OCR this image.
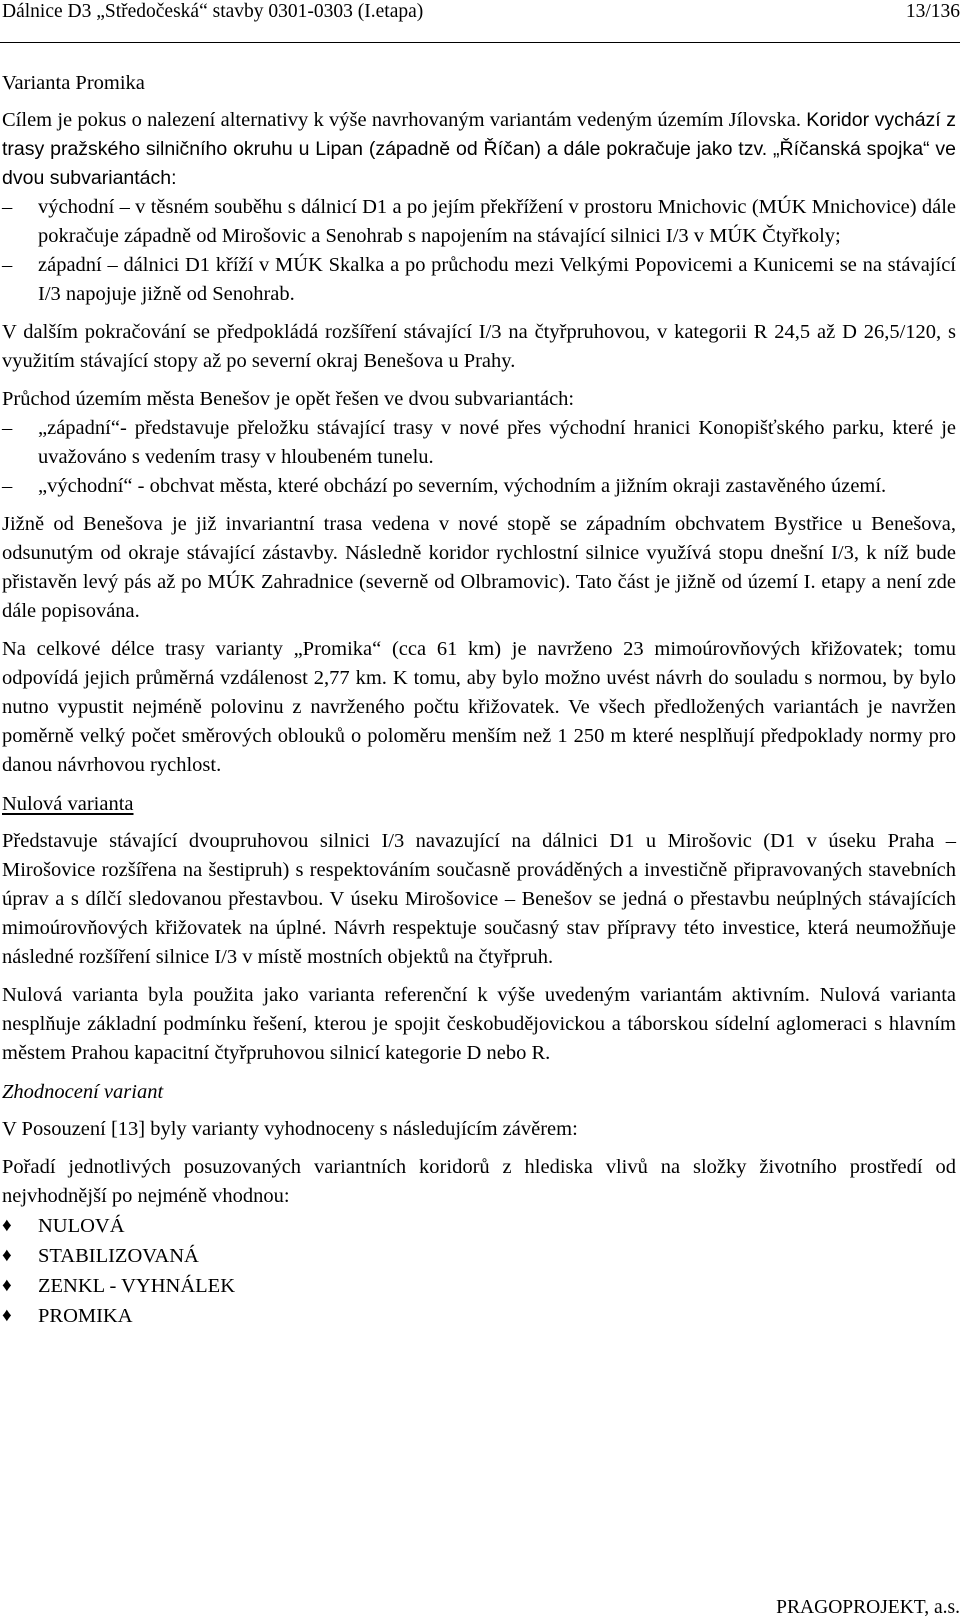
Dálnice D3 „Středočeská“ stavby 0301-0303 (I.etapa)	13/136
Varianta Promika
Cílem je pokus o nalezení alternativy k výše navrhovaným variantám vedeným územím Jílovska. Koridor vychází z trasy pražského silničního okruhu u Lipan (západně od Říčan) a dále pokračuje jako tzv. „Říčanská spojka“ ve dvou subvariantách:
– východní – v těsném souběhu s dálnicí D1 a po jejím překřížení v prostoru Mnichovic (MÚK Mnichovice) dále pokračuje západně od Mirošovic a Senohrab s napojením na stávající silnici I/3 v MÚK Čtyřkoly;
– západní – dálnici D1 kříží v MÚK Skalka a po průchodu mezi Velkými Popovicemi a Kunicemi se na stávající I/3 napojuje jižně od Senohrab.
V dalším pokračování se předpokládá rozšíření stávající I/3 na čtyřpruhovou, v kategorii R 24,5 až D 26,5/120, s využitím stávající stopy až po severní okraj Benešova u Prahy.
Průchod územím města Benešov je opět řešen ve dvou subvariantách:
– „západní“- představuje přeložku stávající trasy v nové přes východní hranici Konopišťského parku, které je uvažováno s vedením trasy v hloubeném tunelu.
– „východní“ - obchvat města, které obchází po severním, východním a jižním okraji zastavěného území.
Jižně od Benešova je již invariantní trasa vedena v nové stopě se západním obchvatem Bystřice u Benešova, odsunutým od okraje stávající zástavby. Následně koridor rychlostní silnice využívá stopu dnešní I/3, k níž bude přistavěn levý pás až po MÚK Zahradnice (severně od Olbramovic). Tato část je jižně od území I. etapy a není zde dále popisována.
Na celkové délce trasy varianty „Promika“ (cca 61 km) je navrženo 23 mimoúrovňových křižovatek; tomu odpovídá jejich průměrná vzdálenost 2,77 km. K tomu, aby bylo možno uvést návrh do souladu s normou, by bylo nutno vypustit nejméně polovinu z navrženého počtu křižovatek. Ve všech předložených variantách je navržen poměrně velký počet směrových oblouků o poloměru menším než 1 250 m které nesplňují předpoklady normy pro danou návrhovou rychlost.
Nulová varianta
Představuje stávající dvoupruhovou silnici I/3 navazující na dálnici D1 u Mirošovic (D1 v úseku Praha – Mirošovice rozšířena na šestipruh) s respektováním současně prováděných a investičně připravovaných stavebních úprav a s dílčí sledovanou přestavbou. V úseku Mirošovice – Benešov se jedná o přestavbu neúplných stávajících mimoúrovňových křižovatek na úplné. Návrh respektuje současný stav přípravy této investice, která neumožňuje následné rozšíření silnice I/3 v místě mostních objektů na čtyřpruh.
Nulová varianta byla použita jako varianta referenční k výše uvedeným variantám aktivním. Nulová varianta nesplňuje základní podmínku řešení, kterou je spojit českobudějovickou a táborskou sídelní aglomeraci s hlavním městem Prahou kapacitní čtyřpruhovou silnicí kategorie D nebo R.
Zhodnocení variant
V Posouzení [13] byly varianty vyhodnoceny s následujícím závěrem:
Pořadí jednotlivých posuzovaných variantních koridorů z hlediska vlivů na složky životního prostředí od nejvhodnější po nejméně vhodnou:
♦ NULOVÁ
♦ STABILIZOVANÁ
♦ ZENKL - VYHNÁLEK
♦ PROMIKA
PRAGOPROJEKT, a.s.
